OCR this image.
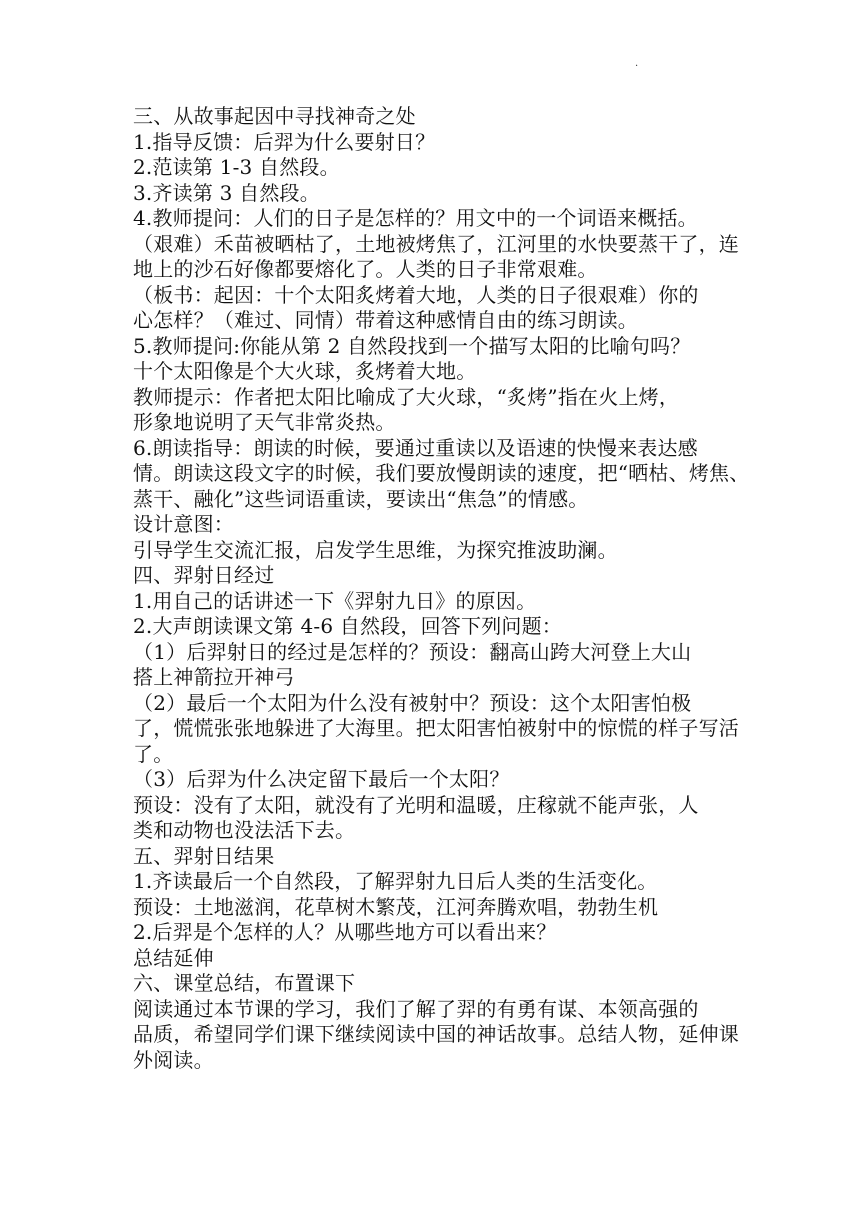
.

三、从故事起因中寻找神奇之处

1.指导反馈：后羿为什么要射日？

2.范读第 1-3 自然段。

3.齐读第 3 自然段。

4.教师提问：人们的日子是怎样的？用文中的一个词语来概括。

（艰难）禾苗被晒枯了，土地被烤焦了，江河里的水快要蒸干了，连

地上的沙石好像都要熔化了。人类的日子非常艰难。

（板书：起因：十个太阳炙烤着大地，人类的日子很艰难）你的

心怎样？（难过、同情）带着这种感情自由的练习朗读。

5.教师提问:你能从第 2 自然段找到一个描写太阳的比喻句吗？

十个太阳像是个大火球，炙烤着大地。

教师提示：作者把太阳比喻成了大火球，“炙烤”指在火上烤，

形象地说明了天气非常炎热。

6.朗读指导：朗读的时候，要通过重读以及语速的快慢来表达感

情。朗读这段文字的时候，我们要放慢朗读的速度，把“晒枯、烤焦、

蒸干、融化”这些词语重读，要读出“焦急”的情感。

设计意图：

引导学生交流汇报，启发学生思维，为探究推波助澜。

四、羿射日经过

1.用自己的话讲述一下《羿射九日》的原因。

2.大声朗读课文第 4-6 自然段，回答下列问题：

（1）后羿射日的经过是怎样的？预设：翻高山跨大河登上大山

搭上神箭拉开神弓

（2）最后一个太阳为什么没有被射中？预设：这个太阳害怕极

了，慌慌张张地躲进了大海里。把太阳害怕被射中的惊慌的样子写活

了。

（3）后羿为什么决定留下最后一个太阳？

预设：没有了太阳，就没有了光明和温暖，庄稼就不能声张，人

类和动物也没法活下去。

五、羿射日结果

1.齐读最后一个自然段，了解羿射九日后人类的生活变化。

预设：土地滋润，花草树木繁茂，江河奔腾欢唱，勃勃生机

2.后羿是个怎样的人？从哪些地方可以看出来？

总结延伸

六、课堂总结，布置课下

阅读通过本节课的学习，我们了解了羿的有勇有谋、本领高强的

品质，希望同学们课下继续阅读中国的神话故事。总结人物，延伸课

外阅读。
